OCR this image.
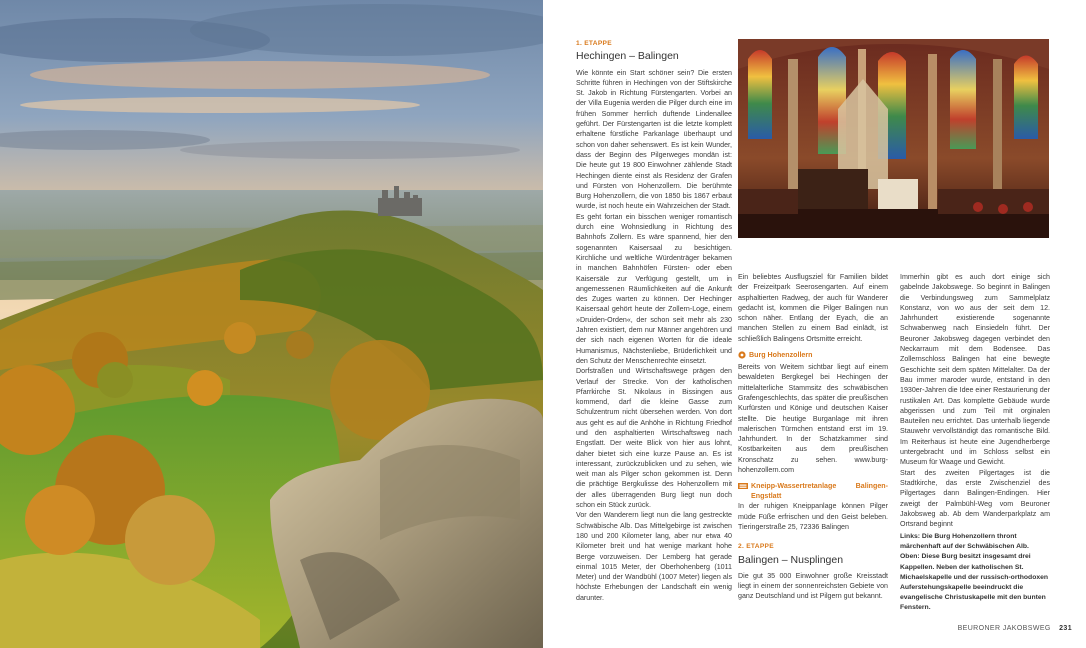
1. ETAPPE
Hechingen – Balingen

Wie könnte ein Start schöner sein? Die ersten Schritte führen in Hechingen von der Stiftskirche St. Jakob in Richtung Fürstengarten. Vorbei an der Villa Eugenia werden die Pilger durch eine im frühen Sommer herrlich duftende Lindenallee geführt. Der Fürstengarten ist die letzte komplett erhaltene fürstliche Parkanlage überhaupt und schon von daher sehenswert. Es ist kein Wunder, dass der Beginn des Pilgerweges mondän ist: Die heute gut 19 800 Einwohner zählende Stadt Hechingen diente einst als Residenz der Grafen und Fürsten von Hohenzollern. Die berühmte Burg Hohenzollern, die von 1850 bis 1867 erbaut wurde, ist noch heute ein Wahrzeichen der Stadt.

Es geht fortan ein bisschen weniger romantisch durch eine Wohnsiedlung in Richtung des Bahnhofs Zollern. Es wäre spannend, hier den sogenannten Kaisersaal zu besichtigen. Kirchliche und weltliche Würdenträger bekamen in manchen Bahnhöfen Fürsten- oder eben Kaisersäle zur Verfügung gestellt, um in angemessenen Räumlichkeiten auf die Ankunft des Zuges warten zu können. Der Hechinger Kaisersaal gehört heute der Zollern-Loge, einem »Druiden-Orden«, der schon seit mehr als 230 Jahren existiert, dem nur Männer angehören und der sich nach eigenen Worten für die ideale Humanismus, Nächstenliebe, Brüderlichkeit und den Schutz der Menschenrechte einsetzt.

Dorfstraßen und Wirtschaftswege prägen den Verlauf der Strecke. Von der katholischen Pfarrkirche St. Nikolaus in Bissingen aus kommend, darf die kleine Gasse zum Schulzentrum nicht übersehen werden. Von dort aus geht es auf die Anhöhe in Richtung Friedhof und den asphaltierten Wirtschaftsweg nach Engstlatt. Der weite Blick von hier aus lohnt, daher bietet sich eine kurze Pause an. Es ist interessant, zurückzublicken und zu sehen, wie weit man als Pilger schon gekommen ist. Denn die prächtige Bergkulisse des Hohenzollern mit der alles überragenden Burg liegt nun doch schon ein Stück zurück.

Vor den Wanderern liegt nun die lang gestreckte Schwäbische Alb. Das Mittelgebirge ist zwischen 180 und 200 Kilometer lang, aber nur etwa 40 Kilometer breit und hat wenige markant hohe Berge vorzuweisen. Der Lemberg hat gerade einmal 1015 Meter, der Oberhohenberg (1011 Meter) und der Wandbühl (1007 Meter) liegen als höchste Erhebungen der Landschaft ein wenig darunter.

Ein beliebtes Ausflugsziel für Familien bildet der Freizeitpark Seerosengarten. Auf einem asphaltierten Radweg, der auch für Wanderer gedacht ist, kommen die Pilger Balingen nun schon näher. Entlang der Eyach, die an manchen Stellen zu einem Bad einlädt, ist schließlich Balingens Ortsmitte erreicht.

Burg Hohenzollern

Bereits von Weitem sichtbar liegt auf einem bewaldeten Bergkegel bei Hechingen der mittelalterliche Stammsitz des schwäbischen Grafengeschlechts, das später die preußischen Kurfürsten und Könige und deutschen Kaiser stellte. Die heutige Burganlage mit ihren malerischen Türmchen entstand erst im 19. Jahrhundert. In der Schatzkammer sind Kostbarkeiten aus dem preußischen Kronschatz zu sehen. www.burg-hohenzollern.com

Kneipp-Wassertretanlage Balingen-Engstlatt

In der ruhigen Kneippanlage können Pilger müde Füße erfrischen und den Geist beleben. Tieringerstraße 25, 72336 Balingen

2. ETAPPE
Balingen – Nusplingen

Die gut 35 000 Einwohner große Kreisstadt liegt in einem der sonnenreichsten Gebiete von ganz Deutschland und ist Pilgern gut bekannt.

Immerhin gibt es auch dort einige sich gabelnde Jakobswege. So beginnt in Balingen die Verbindungsweg zum Sammelplatz Konstanz, von wo aus der seit dem 12. Jahrhundert existierende sogenannte Schwabenweg nach Einsiedeln führt. Der Beuroner Jakobsweg dagegen verbindet den Neckarraum mit dem Bodensee. Das Zollernschloss Balingen hat eine bewegte Geschichte seit dem späten Mittelalter. Da der Bau immer maroder wurde, entstand in den 1930er-Jahren die Idee einer Restaurierung der rustikalen Art. Das komplette Gebäude wurde abgerissen und zum Teil mit orginalen Bauteilen neu errichtet. Das unterhalb liegende Stauwehr vervollständigt das romantische Bild. Im Reiterhaus ist heute eine Jugendherberge untergebracht und im Schloss selbst ein Museum für Waage und Gewicht.

Start des zweiten Pilgertages ist die Stadtkirche, das erste Zwischenziel des Pilgertages dann Balingen-Endingen. Hier zweigt der Palmbühl-Weg vom Beuroner Jakobsweg ab. Ab dem Wanderparkplatz am Ortsrand beginnt

Links: Die Burg Hohenzollern thront märchenhaft auf der Schwäbischen Alb.
Oben: Diese Burg besitzt insgesamt drei Kappellen. Neben der katholischen St. Michaelskapelle und der russisch-orthodoxen Auferstehungskapelle beeindruckt die evangelische Christuskapelle mit den bunten Fenstern.
BEURONER JAKOBSWEG 231
